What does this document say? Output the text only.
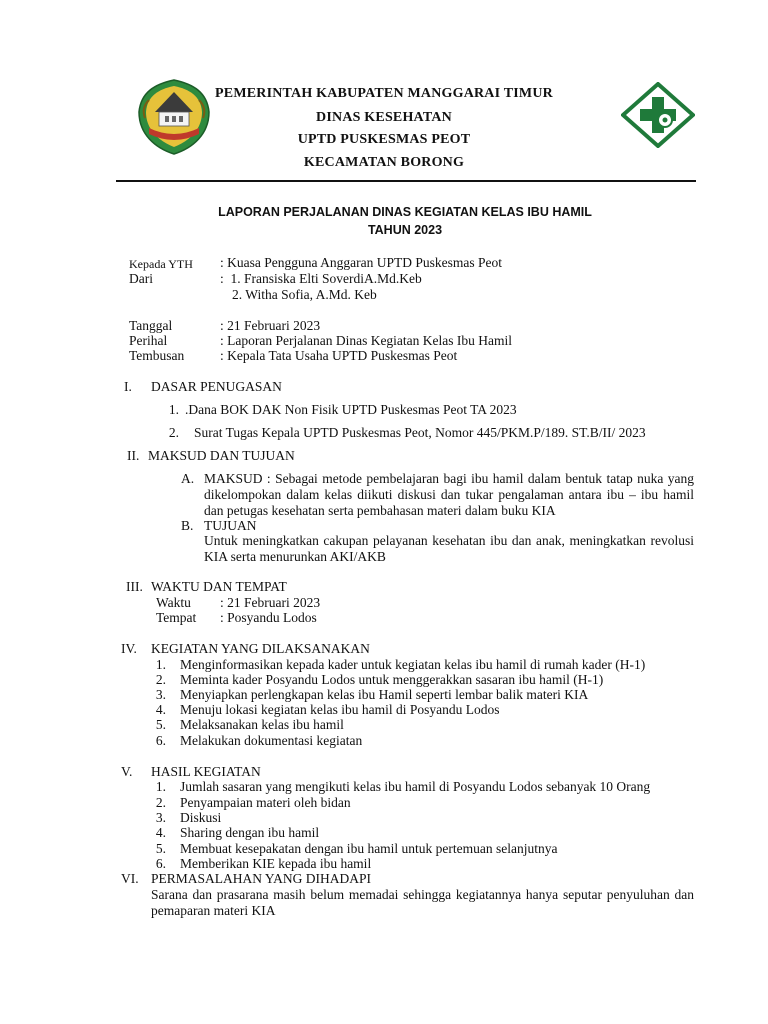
PEMERINTAH KABUPATEN MANGGARAI TIMUR
DINAS KESEHATAN
UPTD PUSKESMAS PEOT
KECAMATAN BORONG
LAPORAN PERJALANAN DINAS KEGIATAN KELAS IBU HAMIL
TAHUN 2023
Kepada YTH : Kuasa Pengguna Anggaran UPTD Puskesmas Peot
Dari	:  1. Fransiska Elti SoverdiA.Md.Keb
2. Witha Sofia, A.Md. Keb
Tanggal	: 21 Februari 2023
Perihal	: Laporan Perjalanan Dinas Kegiatan Kelas Ibu Hamil
Tembusan	: Kepala Tata Usaha UPTD Puskesmas Peot
I. DASAR PENUGASAN
1. .Dana BOK DAK Non Fisik UPTD Puskesmas Peot TA 2023
2. Surat Tugas Kepala UPTD Puskesmas Peot, Nomor 445/PKM.P/189. ST.B/II/ 2023
II. MAKSUD DAN TUJUAN
A. MAKSUD : Sebagai metode pembelajaran bagi ibu hamil dalam bentuk tatap nuka yang dikelompokan dalam kelas diikuti diskusi dan tukar pengalaman antara ibu – ibu hamil dan petugas kesehatan serta pembahasan materi dalam buku KIA
B. TUJUAN
Untuk meningkatkan cakupan pelayanan kesehatan ibu dan anak, meningkatkan revolusi KIA serta menurunkan AKI/AKB
III. WAKTU DAN TEMPAT
Waktu : 21 Februari 2023
Tempat : Posyandu Lodos
IV. KEGIATAN YANG DILAKSANAKAN
1. Menginformasikan kepada kader untuk kegiatan kelas ibu hamil di rumah kader (H-1)
2. Meminta kader Posyandu Lodos untuk menggerakkan sasaran ibu hamil (H-1)
3. Menyiapkan perlengkapan kelas ibu Hamil seperti lembar balik materi KIA
4. Menuju lokasi kegiatan kelas ibu hamil di Posyandu Lodos
5. Melaksanakan kelas ibu hamil
6. Melakukan dokumentasi kegiatan
V. HASIL KEGIATAN
1. Jumlah sasaran yang mengikuti kelas ibu hamil di Posyandu Lodos sebanyak 10 Orang
2. Penyampaian materi oleh bidan
3. Diskusi
4. Sharing dengan ibu hamil
5. Membuat kesepakatan dengan ibu hamil untuk pertemuan selanjutnya
6. Memberikan KIE kepada ibu hamil
VI. PERMASALAHAN YANG DIHADAPI
Sarana dan prasarana masih belum memadai sehingga kegiatannya hanya seputar penyuluhan dan pemaparan materi KIA
